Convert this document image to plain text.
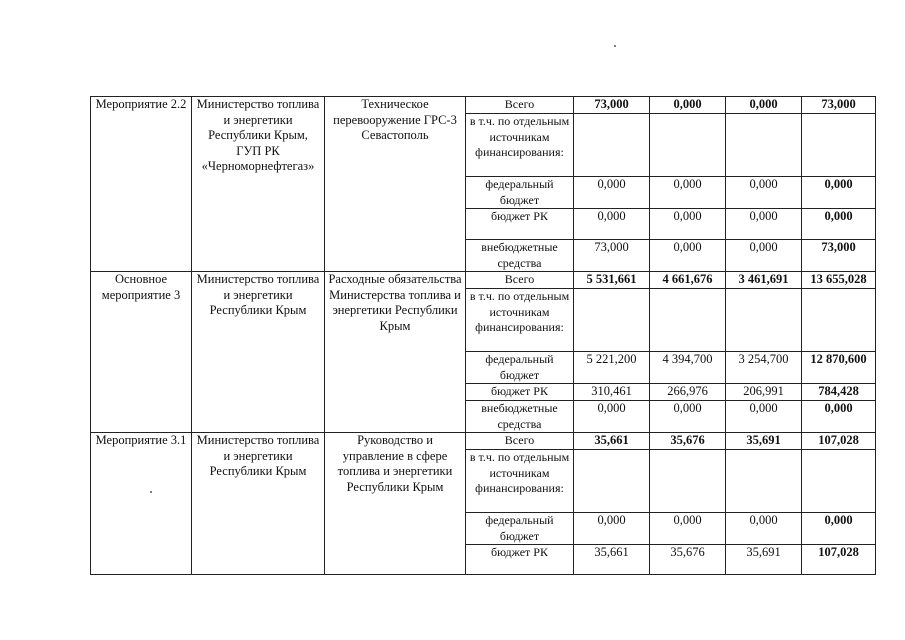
Мероприятие 2.2	Министерство топлива и энергетики Республики Крым, ГУП РК «Черноморнефтегаз»	Техническое перевооружение ГРС-3 Севастополь	Всего	73,000	0,000	0,000	73,000
			в т.ч. по отдельным источникам финансирования:				
			федеральный бюджет	0,000	0,000	0,000	0,000
			бюджет РК	0,000	0,000	0,000	0,000
			внебюджетные средства	73,000	0,000	0,000	73,000
Основное мероприятие 3	Министерство топлива и энергетики Республики Крым	Расходные обязательства Министерства топлива и энергетики Республики Крым	Всего	5 531,661	4 661,676	3 461,691	13 655,028
			в т.ч. по отдельным источникам финансирования:				
			федеральный бюджет	5 221,200	4 394,700	3 254,700	12 870,600
			бюджет РК	310,461	266,976	206,991	784,428
			внебюджетные средства	0,000	0,000	0,000	0,000
Мероприятие 3.1	Министерство топлива и энергетики Республики Крым	Руководство и управление в сфере топлива и энергетики Республики Крым	Всего	35,661	35,676	35,691	107,028
			в т.ч. по отдельным источникам финансирования:				
			федеральный бюджет	0,000	0,000	0,000	0,000
			бюджет РК	35,661	35,676	35,691	107,028
